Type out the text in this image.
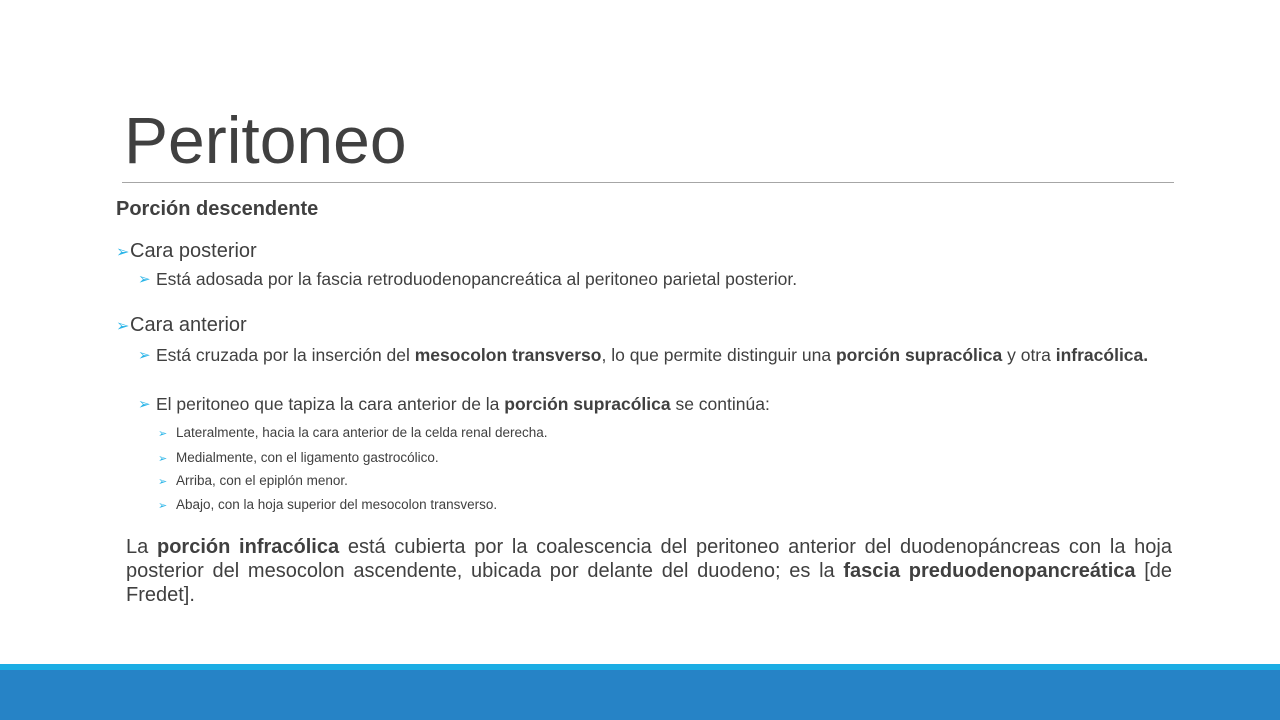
Peritoneo
Porción descendente
➢ Cara posterior
➢ Está adosada por la fascia retroduodenopancreática al peritoneo parietal posterior.
➢ Cara anterior
➢ Está cruzada por la inserción del mesocolon transverso, lo que permite distinguir una porción supracólica y otra infracólica.
➢ El peritoneo que tapiza la cara anterior de la porción supracólica se continúa:
➢ Lateralmente, hacia la cara anterior de la celda renal derecha.
➢ Medialmente, con el ligamento gastrocólico.
➢ Arriba, con el epiplón menor.
➢ Abajo, con la hoja superior del mesocolon transverso.
La porción infracólica está cubierta por la coalescencia del peritoneo anterior del duodenopáncreas con la hoja posterior del mesocolon ascendente, ubicada por delante del duodeno; es la fascia preduodenopancreática [de Fredet].
